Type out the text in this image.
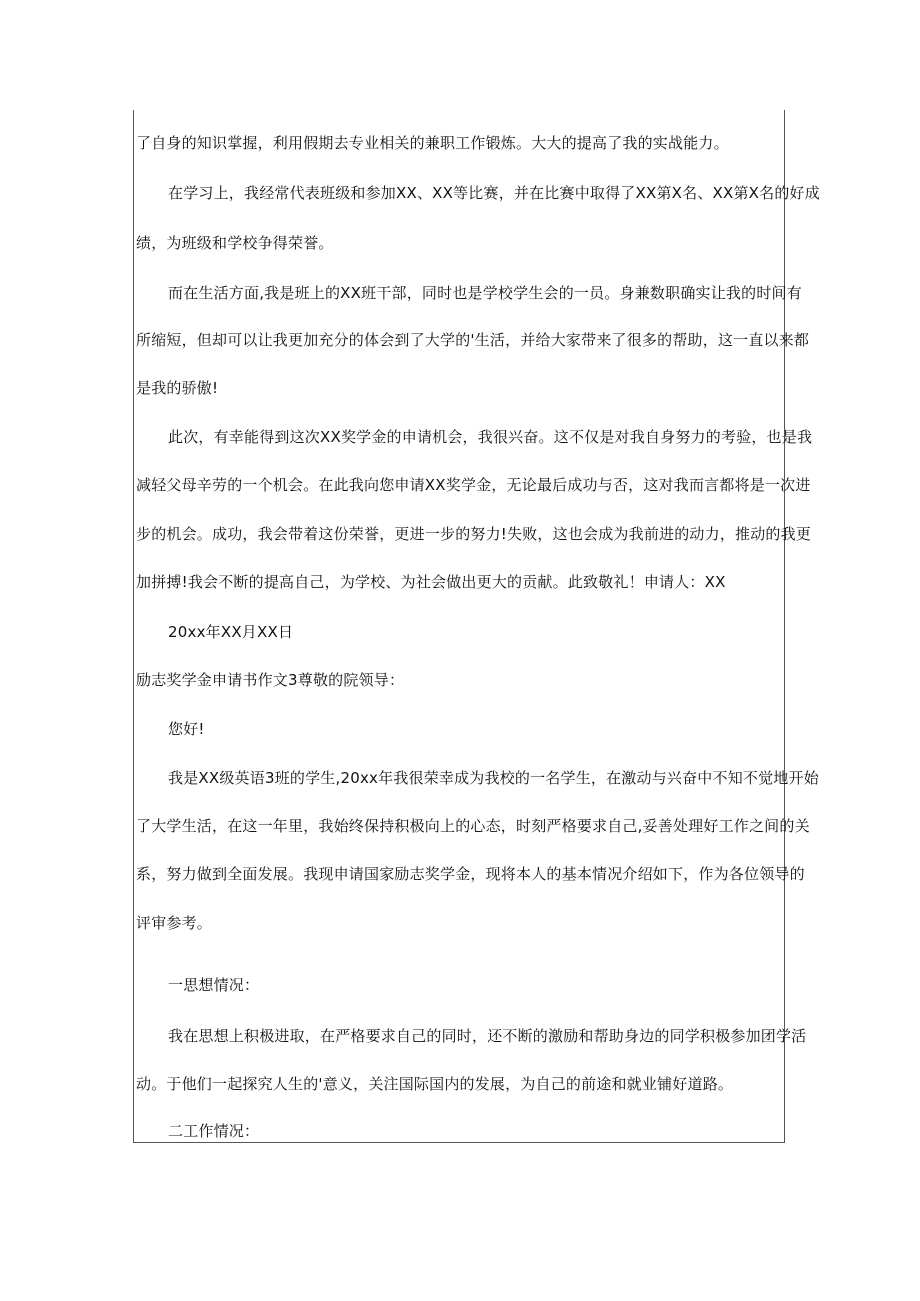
了自身的知识掌握，利用假期去专业相关的兼职工作锻炼。大大的提高了我的实战能力。
在学习上，我经常代表班级和参加XX、XX等比赛，并在比赛中取得了XX第X名、XX第X名的好成
绩，为班级和学校争得荣誉。
而在生活方面,我是班上的XX班干部，同时也是学校学生会的一员。身兼数职确实让我的时间有
所缩短，但却可以让我更加充分的体会到了大学的'生活，并给大家带来了很多的帮助，这一直以来都
是我的骄傲!
此次，有幸能得到这次XX奖学金的申请机会，我很兴奋。这不仅是对我自身努力的考验，也是我
减轻父母辛劳的一个机会。在此我向您申请XX奖学金，无论最后成功与否，这对我而言都将是一次进
步的机会。成功，我会带着这份荣誉，更进一步的努力!失败，这也会成为我前进的动力，推动的我更
加拼搏!我会不断的提高自己，为学校、为社会做出更大的贡献。此致敬礼！申请人：XX
20xx年XX月XX日
励志奖学金申请书作文3尊敬的院领导：
您好!
我是XX级英语3班的学生,20xx年我很荣幸成为我校的一名学生，在激动与兴奋中不知不觉地开始
了大学生活，在这一年里，我始终保持积极向上的心态，时刻严格要求自己,妥善处理好工作之间的关
系，努力做到全面发展。我现申请国家励志奖学金，现将本人的基本情况介绍如下，作为各位领导的
评审参考。
一思想情况：
我在思想上积极进取，在严格要求自己的同时，还不断的激励和帮助身边的同学积极参加团学活
动。于他们一起探究人生的'意义，关注国际国内的发展，为自己的前途和就业铺好道路。
二工作情况：
